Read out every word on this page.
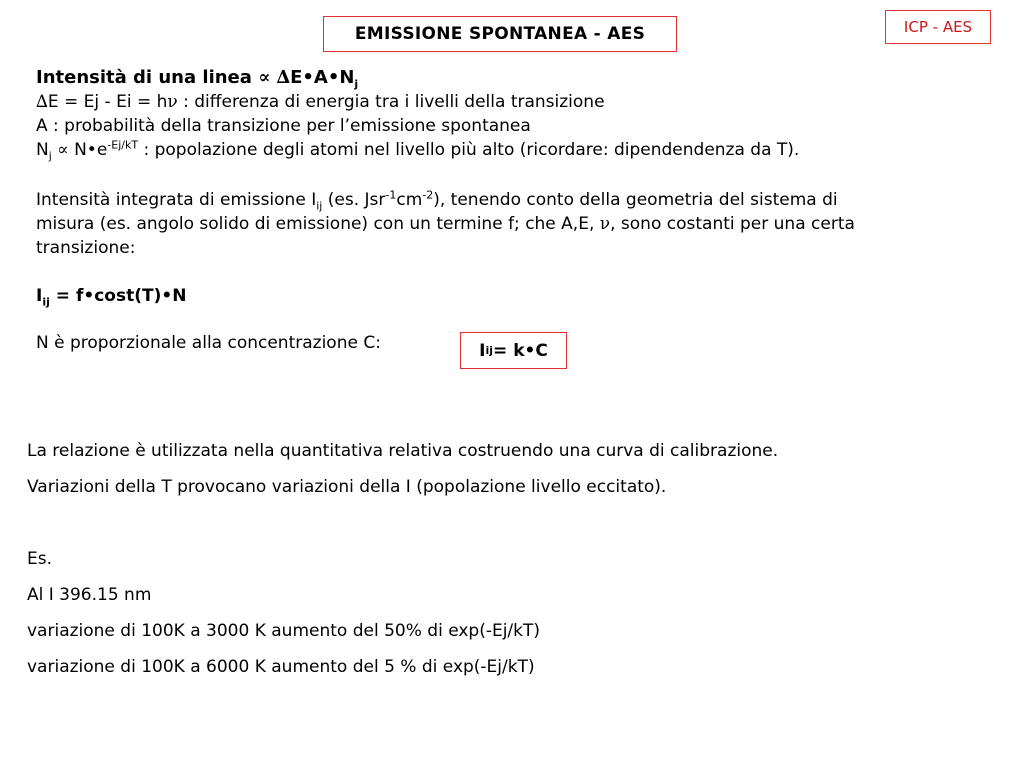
EMISSIONE SPONTANEA - AES	ICP - AES

Intensità di una linea ∝ $\Delta E•A•N_j$

∆E = Ej - Ei = hν : differenza di energia tra i livelli della transizione

A : probabilità della transizione per l’emissione spontanea

$N_j$ ∝ $N•e^{-Ej/kT}$ : popolazione degli atomi nel livello più alto (ricordare: dipendendenza da T).

Intensità integrata di emissione $I_{ij}$ (es. $Jsr^{-1}cm^{-2}$), tenendo conto della geometria del sistema di

misura (es. angolo solido di emissione) con un termine f; che A,E, ν, sono costanti per una certa

transizione:

$I_{ij}$ = f•cost(T)•N
N è proporzionale alla concentrazione C:	I ij = k•C
La relazione è utilizzata nella quantitativa relativa costruendo una curva di calibrazione.
Variazioni della T provocano variazioni della I (popolazione livello eccitato).
Es.
Al I 396.15 nm
variazione di 100K a 3000 K aumento del 50% di exp(-Ej/kT)
variazione di 100K a 6000 K aumento del 5 % di exp(-Ej/kT)
